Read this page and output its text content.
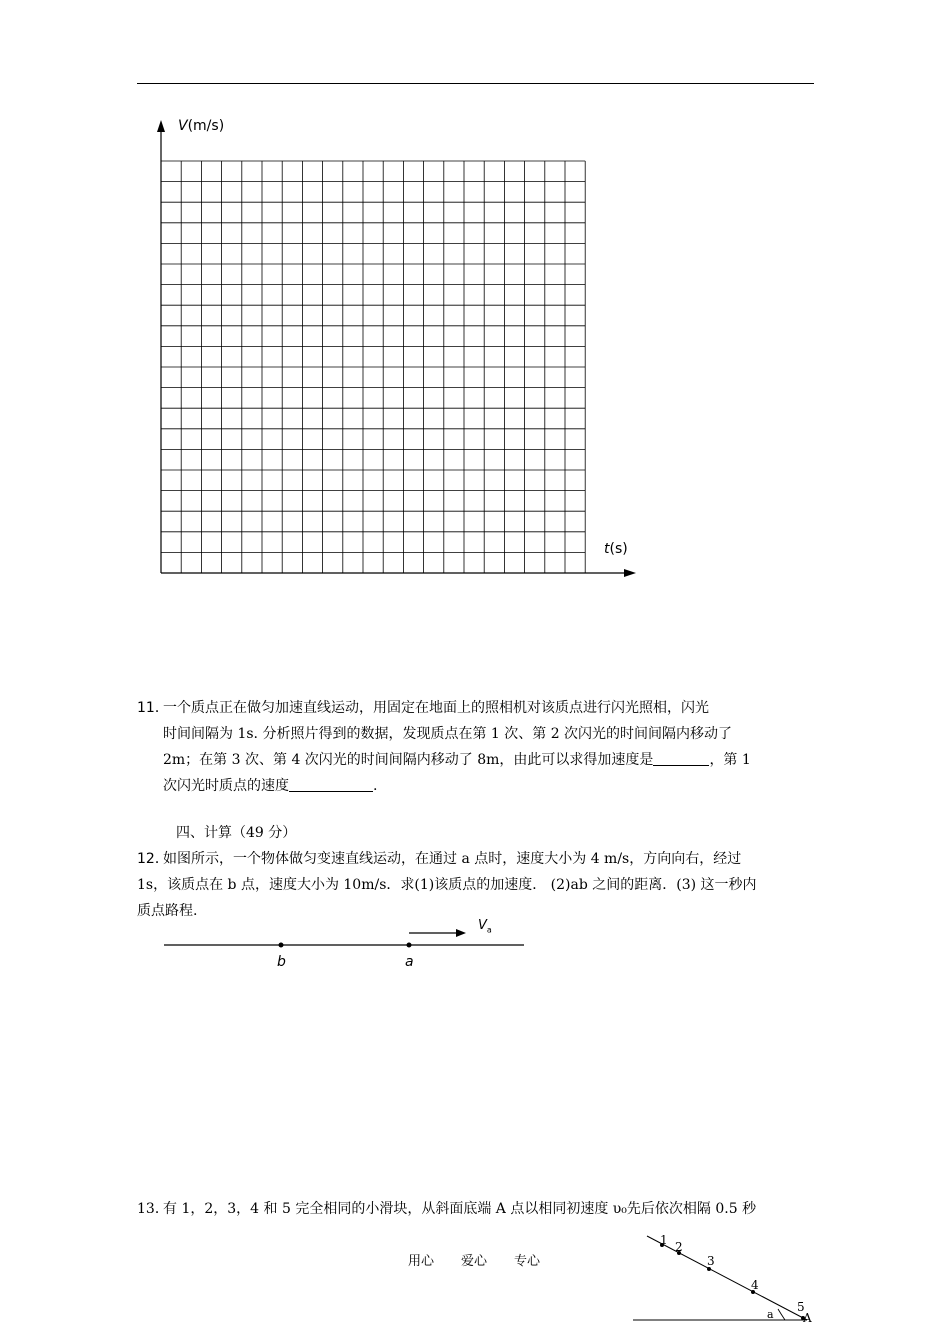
V(m/s)
t(s)
11．
一个质点正在做匀加速直线运动，用固定在地面上的照相机对该质点进行闪光照相，闪光
时间间隔为 1s. 分析照片得到的数据，发现质点在第 1 次、第 2 次闪光的时间间隔内移动了
2m；在第 3 次、第 4 次闪光的时间间隔内移动了 8m，由此可以求得加速度是	，第 1
次闪光时质点的速度	.
四、计算（49 分）
12．
如图所示，一个物体做匀变速直线运动，在通过 a 点时，速度大小为 4 m/s，方向向右，经过
1s，该质点在 b 点，速度大小为 10m/s．求(1)该质点的加速度． (2)ab 之间的距离．(3) 这一秒内
质点路程.
$V_a$
b	a
13．
有 1，2，3，4 和 5 完全相同的小滑块，从斜面底端 A 点以相同初速度 υ₀先后依次相隔 0.5 秒
用心 爱心 专心
1 2
3
4
5
A
a
